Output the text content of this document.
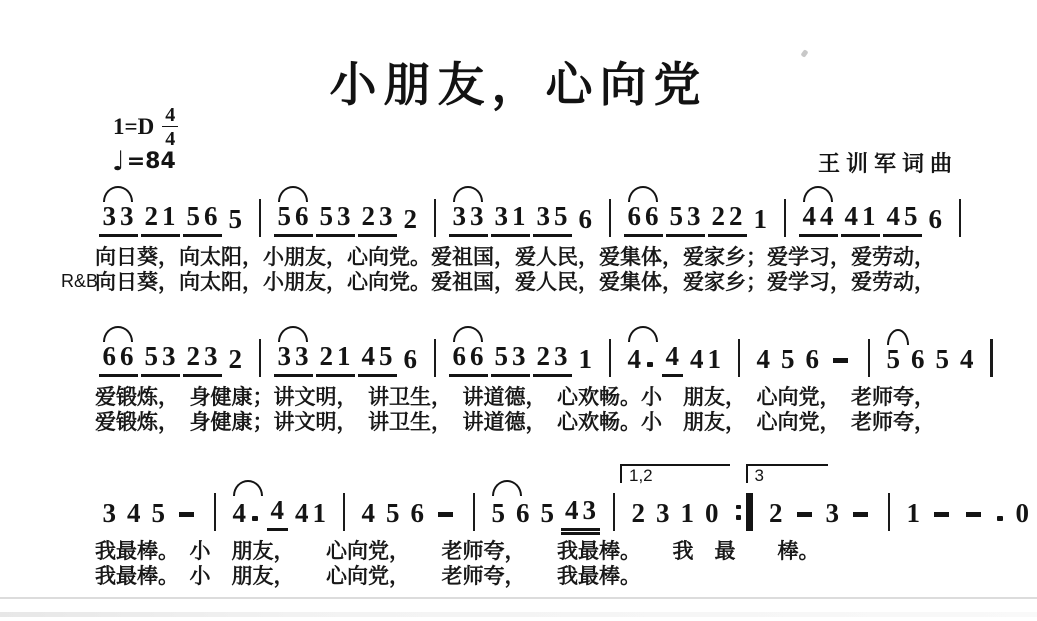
小朋友，心向党
$1=D \frac{4}{4}$
♩ =84	王训军词曲
R&B
3 3 2 1 5 6 5 5 6 5 3 2 3 2 3 3 3 1 3 5 6 6 6 5 3 2 2 1 4 4 4 1 4 5 6
向日葵，向太阳，小朋友，心向党。爱祖国，爱人民，爱集体，爱家乡；爱学习，爱劳动，
向日葵，向太阳，小朋友，心向党。爱祖国，爱人民，爱集体，爱家乡；爱学习，爱劳动，
6 6 5 3 2 3 2 3 3 2 1 4 5 6 6 6 5 3 2 3 1 4 4 4 1 4 5 6	5 6 5 4
爱锻炼，　身健康；讲文明，　讲卫生，　讲道德，　心欢畅。小　朋友，　心向党，　老师夸，
爱锻炼，　身健康；讲文明，　讲卫生，　讲道德，　心欢畅。小　朋友，　心向党，　老师夸，
3 4 5	4 4 4 1 4 5 6	5 6 5 4 3 2 3 1 0
1,2
2 3
3
1	0
我最棒。　小　朋友，　　心向党，　　老师夸，　　我最棒。　　我　最　　棒。
我最棒。　小　朋友，　　心向党，　　老师夸，　　我最棒。
